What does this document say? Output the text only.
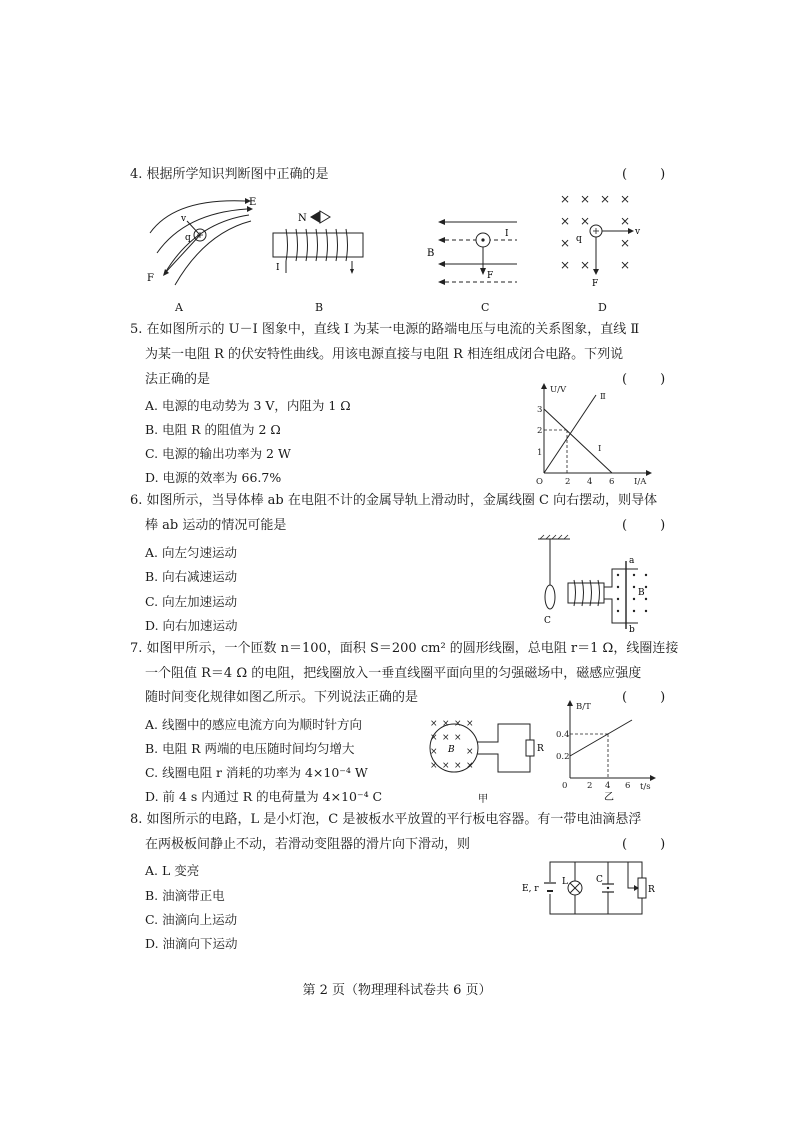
4. 根据所学知识判断图中正确的是	(        )
E
F
v
q
A
N
I
B
B
I
F
C
× × × ×
× × ×
×	×
× × ×
v
q
F
D
5. 在如图所示的 U－I 图象中，直线 Ⅰ 为某一电源的路端电压与电流的关系图象，直线 Ⅱ
为某一电阻 R 的伏安特性曲线。用该电源直接与电阻 R 相连组成闭合电路。下列说
法正确的是	(        )
A. 电源的电动势为 3 V，内阻为 1 Ω
B. 电阻 R 的阻值为 2 Ω
C. 电源的输出功率为 2 W
D. 电源的效率为 66.7%
U/V
I/A
O
1
2
3
2 4 6
Ⅰ
Ⅱ
6. 如图所示，当导体棒 ab 在电阻不计的金属导轨上滑动时，金属线圈 C 向右摆动，则导体
棒 ab 运动的情况可能是	(        )
A. 向左匀速运动
B. 向右减速运动
C. 向左加速运动
D. 向右加速运动	C
a
b
B
7. 如图甲所示，一个匝数 n＝100，面积 S＝200 cm² 的圆形线圈，总电阻 r＝1 Ω，线圈连接
一个阻值 R＝4 Ω 的电阻，把线圈放入一垂直线圈平面向里的匀强磁场中，磁感应强度
随时间变化规律如图乙所示。下列说法正确的是	(        )
A. 线圈中的感应电流方向为顺时针方向
B. 电阻 R 两端的电压随时间均匀增大
C. 线圈电阻 r 消耗的功率为 4×10⁻⁴ W
D. 前 4 s 内通过 R 的电荷量为 4×10⁻⁴ C
× × × ×
× × ×
×	×
× × × ×
B	R
甲
B/T
t/s
0
0.2
0.4
2 4 6
乙
8. 如图所示的电路，L 是小灯泡，C 是被板水平放置的平行板电容器。有一带电油滴悬浮
在两极板间静止不动，若滑动变阻器的滑片向下滑动，则	(        )
A. L 变亮
B. 油滴带正电
C. 油滴向上运动
D. 油滴向下运动
E, r
L	C
R
第 2 页（物理理科试卷共 6 页）
